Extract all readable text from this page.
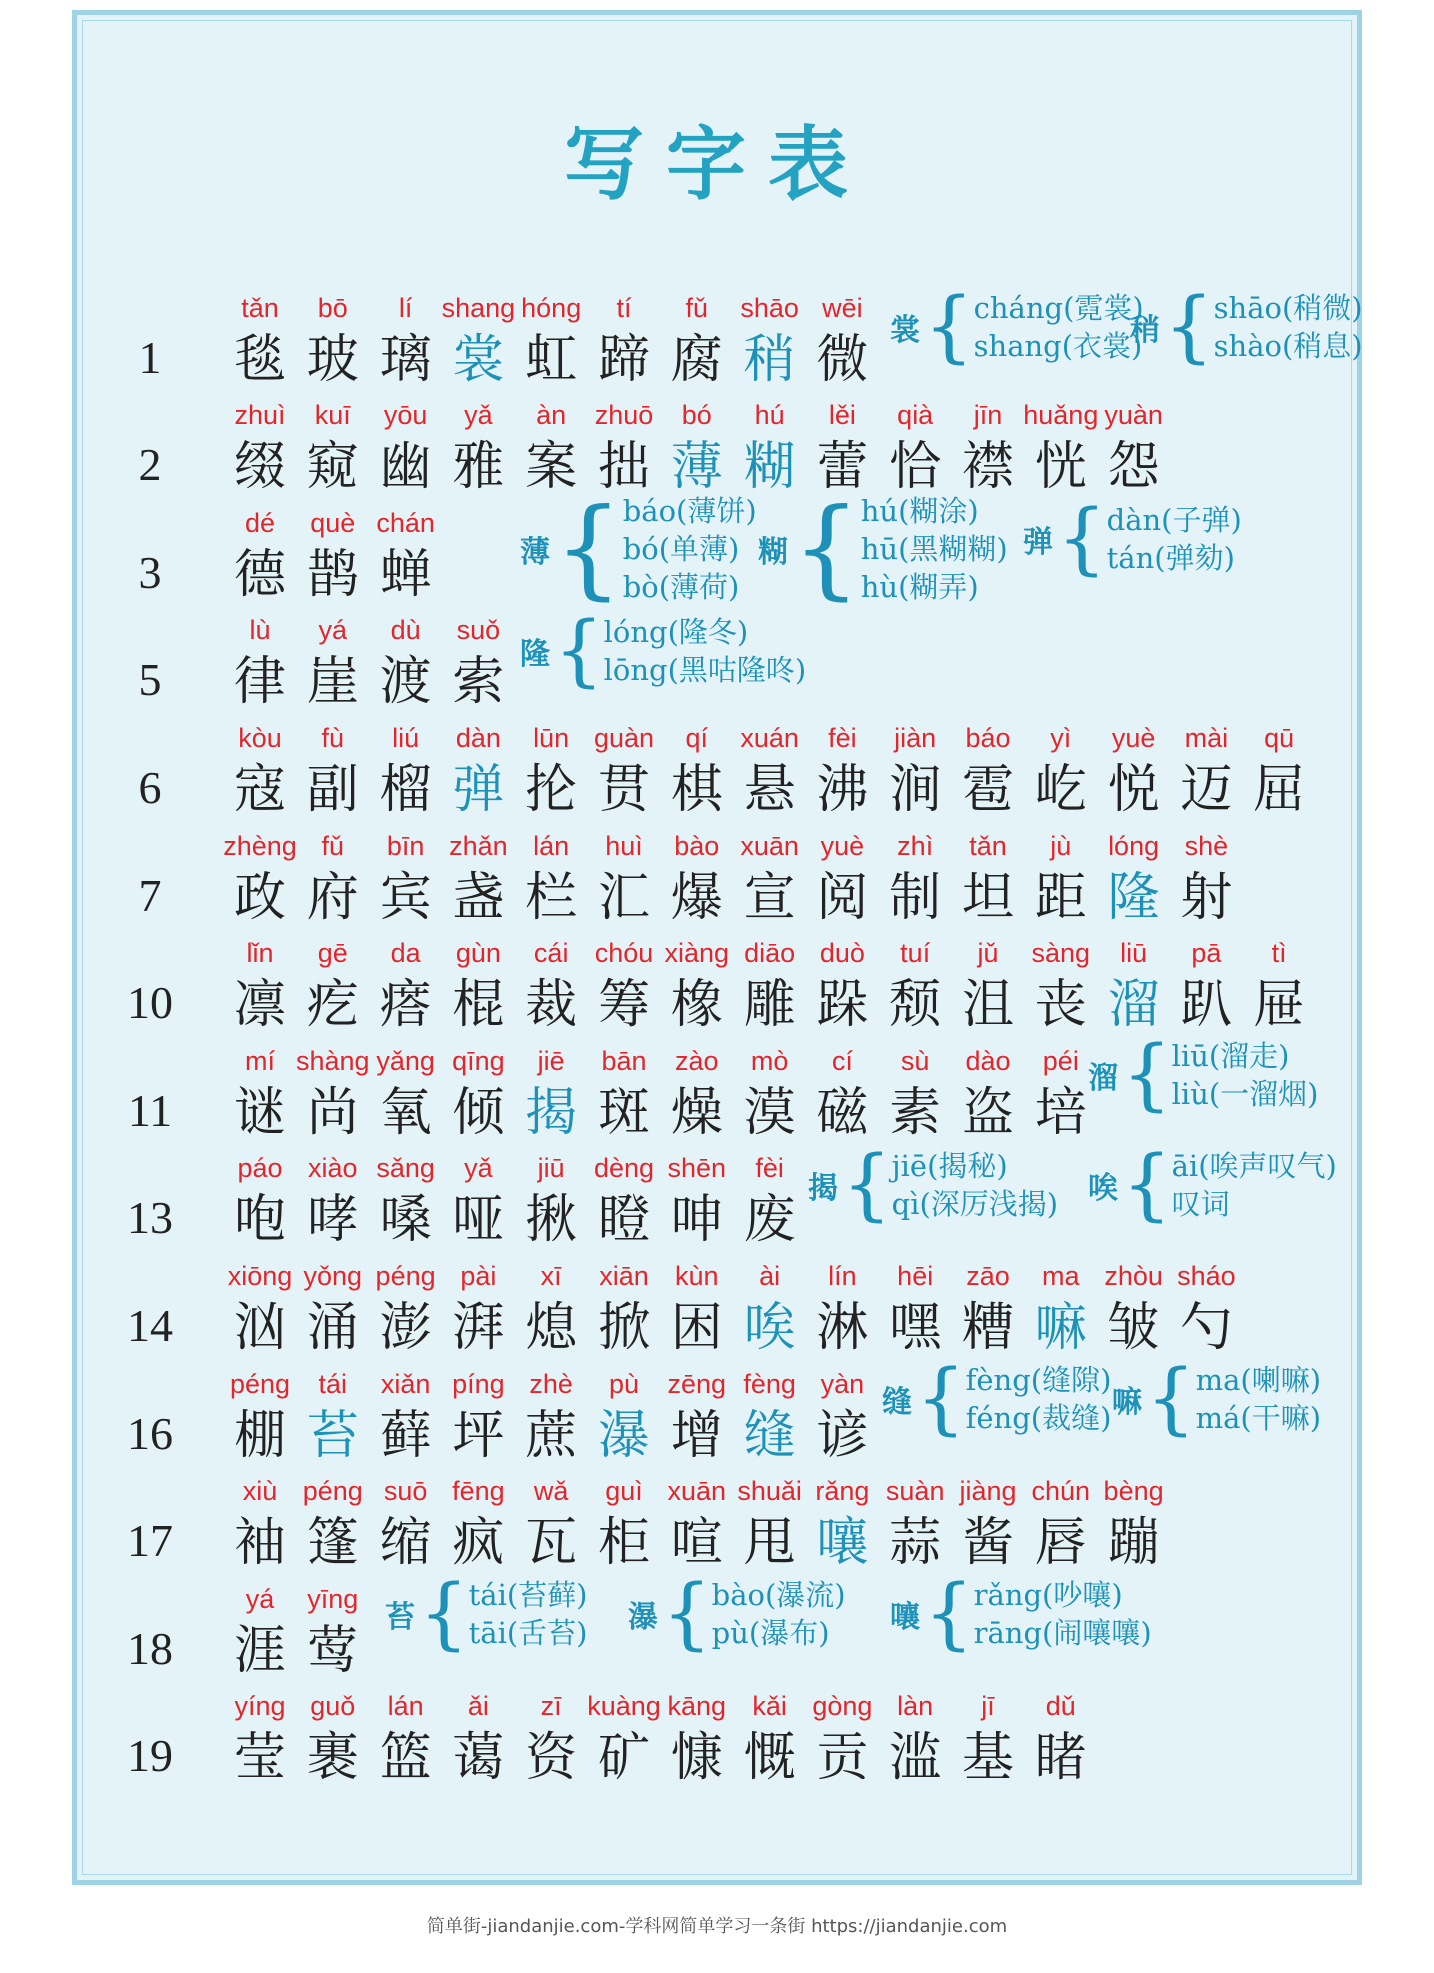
写字表
1
tǎn
毯
bō
玻
lí
璃
shang
裳
hóng
虹
tí
蹄
fǔ
腐
shāo
稍
wēi
微
2
zhuì
缀
kuī
窥
yōu
幽
yǎ
雅
àn
案
zhuō
拙
bó
薄
hú
糊
lěi
蕾
qià
恰
jīn
襟
huǎng
恍
yuàn
怨
3
dé
德
què
鹊
chán
蝉
5
lù
律
yá
崖
dù
渡
suǒ
索
6
kòu
寇
fù
副
liú
榴
dàn
弹
lūn
抡
guàn
贯
qí
棋
xuán
悬
fèi
沸
jiàn
涧
báo
雹
yì
屹
yuè
悦
mài
迈
qū
屈
7
zhèng
政
fǔ
府
bīn
宾
zhǎn
盏
lán
栏
huì
汇
bào
爆
xuān
宣
yuè
阅
zhì
制
tǎn
坦
jù
距
lóng
隆
shè
射
10
lǐn
凛
gē
疙
da
瘩
gùn
棍
cái
裁
chóu
筹
xiàng
橡
diāo
雕
duò
跺
tuí
颓
jǔ
沮
sàng
丧
liū
溜
pā
趴
tì
屉
11
mí
谜
shàng
尚
yǎng
氧
qīng
倾
jiē
揭
bān
斑
zào
燥
mò
漠
cí
磁
sù
素
dào
盗
péi
培
13
páo
咆
xiào
哮
sǎng
嗓
yǎ
哑
jiū
揪
dèng
瞪
shēn
呻
fèi
废
14
xiōng
汹
yǒng
涌
péng
澎
pài
湃
xī
熄
xiān
掀
kùn
困
ài
唉
lín
淋
hēi
嘿
zāo
糟
ma
嘛
zhòu
皱
sháo
勺
16
péng
棚
tái
苔
xiǎn
藓
píng
坪
zhè
蔗
pù
瀑
zēng
增
fèng
缝
yàn
谚
17
xiù
袖
péng
篷
suō
缩
fēng
疯
wǎ
瓦
guì
柜
xuān
喧
shuǎi
甩
rǎng
嚷
suàn
蒜
jiàng
酱
chún
唇
bèng
蹦
18
yá
涯
yīng
莺
19
yíng
莹
guǒ
裹
lán
篮
ǎi
蔼
zī
资
kuàng
矿
kāng
慷
kǎi
慨
gòng
贡
làn
滥
jī
基
dǔ
睹
简单街-jiandanjie.com-学科网简单学习一条街 https://jiandanjie.com
裳 { cháng(霓裳)
shang(衣裳)
稍 { shāo(稍微)
shào(稍息)
薄 { báo(薄饼)
bó(单薄)
bò(薄荷)
糊 { hú(糊涂)
hū(黑糊糊)
hù(糊弄)
弹 { dàn(子弹)
tán(弹劾)
隆 { lóng(隆冬)
lōng(黑咕隆咚)
溜 { liū(溜走)
liù(一溜烟)
揭 { jiē(揭秘)
qì(深厉浅揭) 唉 { āi(唉声叹气)
叹词
缝 { fèng(缝隙)
féng(裁缝) 嘛 { ma(喇嘛)
má(干嘛)
苔 { tái(苔藓)
tāi(舌苔) 瀑 { bào(瀑流)
pù(瀑布)	嚷 { rǎng(吵嚷)
rāng(闹嚷嚷)
